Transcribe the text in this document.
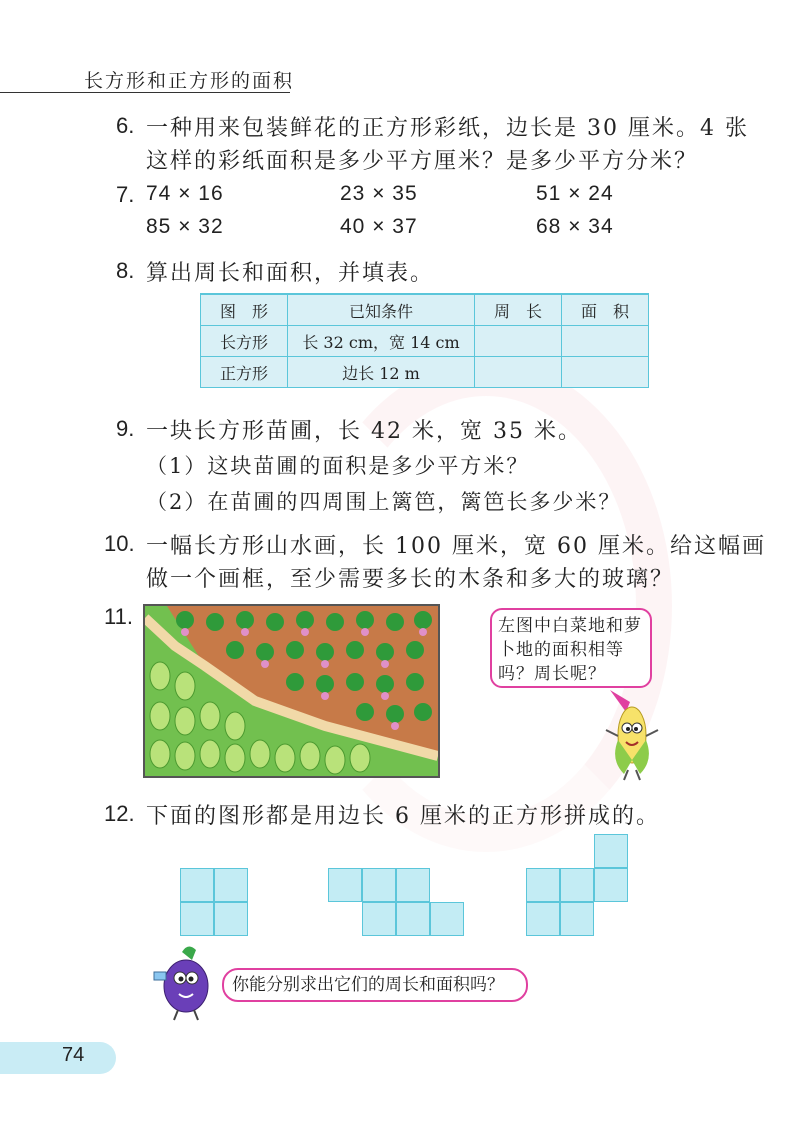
长方形和正方形的面积
6. 一种用来包装鲜花的正方形彩纸，边长是 30 厘米。4 张
这样的彩纸面积是多少平方厘米？是多少平方分米？
7. 74 × 16	23 × 35	51 × 24
85 × 32	40 × 37	68 × 34
8. 算出周长和面积，并填表。
图　形	已知条件	周　长	面　积
长方形	长 32 cm，宽 14 cm		
正方形	边长 12 m		
9. 一块长方形苗圃，长 42 米，宽 35 米。
（1）这块苗圃的面积是多少平方米？
（2）在苗圃的四周围上篱笆，篱笆长多少米？
10. 一幅长方形山水画，长 100 厘米，宽 60 厘米。给这幅画
做一个画框，至少需要多长的木条和多大的玻璃？
11.	左图中白菜地和萝
卜地的面积相等
吗？周长呢？
12. 下面的图形都是用边长 6 厘米的正方形拼成的。
你能分别求出它们的周长和面积吗？
74
